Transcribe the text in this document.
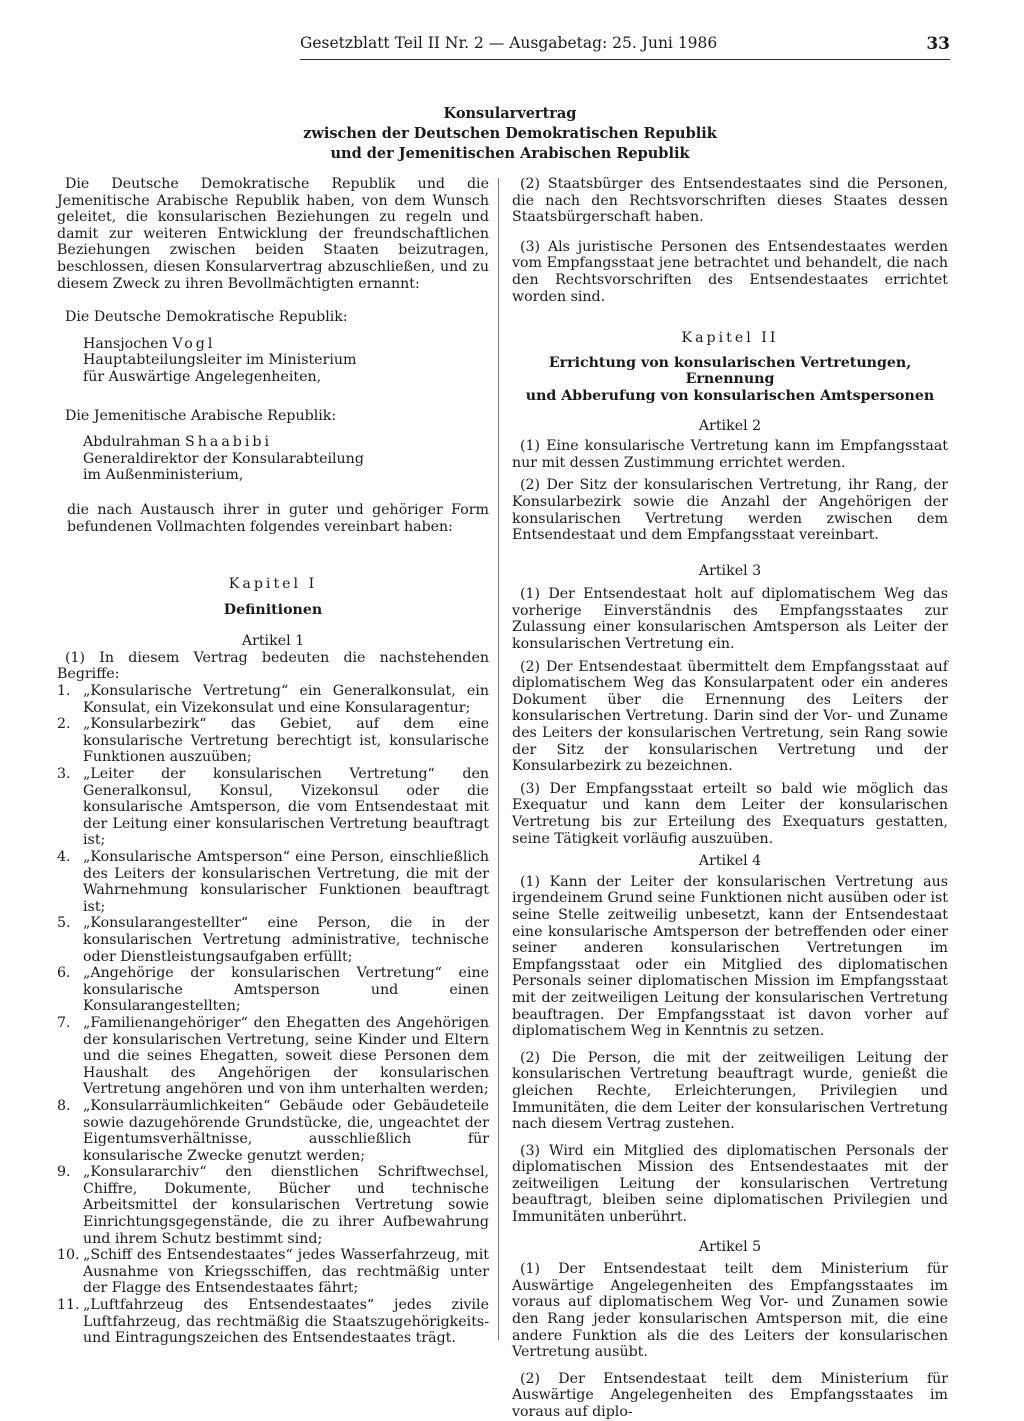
Gesetzblatt Teil II Nr. 2 — Ausgabetag: 25. Juni 1986	33
Konsularvertrag
zwischen der Deutschen Demokratischen Republik
und der Jemenitischen Arabischen Republik

Die Deutsche Demokratische Republik und die Jemenitische Arabische Republik haben, von dem Wunsch geleitet, die konsularischen Beziehungen zu regeln und damit zur weiteren Entwicklung der freundschaftlichen Beziehungen zwischen beiden Staaten beizutragen, beschlossen, diesen Konsularvertrag abzuschließen, und zu diesem Zweck zu ihren Bevollmächtigten ernannt:

Die Deutsche Demokratische Republik:
Hansjochen Vogl
Hauptabteilungsleiter im Ministerium
für Auswärtige Angelegenheiten,
Die Jemenitische Arabische Republik:
Abdulrahman Shaabibi
Generaldirektor der Konsularabteilung
im Außenministerium,

die nach Austausch ihrer in guter und gehöriger Form befundenen Vollmachten folgendes vereinbart haben:

Kapitel I
Definitionen
Artikel 1

(1) In diesem Vertrag bedeuten die nachstehenden Begriffe:

1. „Konsularische Vertretung“ ein Generalkonsulat, ein Konsulat, ein Vizekonsulat und eine Konsularagentur;
2. „Konsularbezirk“ das Gebiet, auf dem eine konsularische Vertretung berechtigt ist, konsularische Funktionen auszuüben;
3. „Leiter der konsularischen Vertretung“ den Generalkonsul, Konsul, Vizekonsul oder die konsularische Amtsperson, die vom Entsendestaat mit der Leitung einer konsularischen Vertretung beauftragt ist;
4. „Konsularische Amtsperson“ eine Person, einschließlich des Leiters der konsularischen Vertretung, die mit der Wahrnehmung konsularischer Funktionen beauftragt ist;
5. „Konsularangestellter“ eine Person, die in der konsularischen Vertretung administrative, technische oder Dienstleistungsaufgaben erfüllt;
6. „Angehörige der konsularischen Vertretung“ eine konsularische Amtsperson und einen Konsularangestellten;
7. „Familienangehöriger“ den Ehegatten des Angehörigen der konsularischen Vertretung, seine Kinder und Eltern und die seines Ehegatten, soweit diese Personen dem Haushalt des Angehörigen der konsularischen Vertretung angehören und von ihm unterhalten werden;
8. „Konsularräumlichkeiten“ Gebäude oder Gebäudeteile sowie dazugehörende Grundstücke, die, ungeachtet der Eigentumsverhältnisse, ausschließlich für konsularische Zwecke genutzt werden;
9. „Konsulararchiv“ den dienstlichen Schriftwechsel, Chiffre, Dokumente, Bücher und technische Arbeitsmittel der konsularischen Vertretung sowie Einrichtungsgegenstände, die zu ihrer Aufbewahrung und ihrem Schutz bestimmt sind;
10. „Schiff des Entsendestaates“ jedes Wasserfahrzeug, mit Ausnahme von Kriegsschiffen, das rechtmäßig unter der Flagge des Entsendestaates fährt;
11. „Luftfahrzeug des Entsendestaates“ jedes zivile Luftfahrzeug, das rechtmäßig die Staatszugehörigkeits- und Eintragungszeichen des Entsendestaates trägt.

(2) Staatsbürger des Entsendestaates sind die Personen, die nach den Rechtsvorschriften dieses Staates dessen Staatsbürgerschaft haben.

(3) Als juristische Personen des Entsendestaates werden vom Empfangsstaat jene betrachtet und behandelt, die nach den Rechtsvorschriften des Entsendestaates errichtet worden sind.

Kapitel II
Errichtung von konsularischen Vertretungen, Ernennung
und Abberufung von konsularischen Amtspersonen
Artikel 2

(1) Eine konsularische Vertretung kann im Empfangsstaat nur mit dessen Zustimmung errichtet werden.

(2) Der Sitz der konsularischen Vertretung, ihr Rang, der Konsularbezirk sowie die Anzahl der Angehörigen der konsularischen Vertretung werden zwischen dem Entsendestaat und dem Empfangsstaat vereinbart.

Artikel 3

(1) Der Entsendestaat holt auf diplomatischem Weg das vorherige Einverständnis des Empfangsstaates zur Zulassung einer konsularischen Amtsperson als Leiter der konsularischen Vertretung ein.

(2) Der Entsendestaat übermittelt dem Empfangsstaat auf diplomatischem Weg das Konsularpatent oder ein anderes Dokument über die Ernennung des Leiters der konsularischen Vertretung. Darin sind der Vor- und Zuname des Leiters der konsularischen Vertretung, sein Rang sowie der Sitz der konsularischen Vertretung und der Konsularbezirk zu bezeichnen.

(3) Der Empfangsstaat erteilt so bald wie möglich das Exequatur und kann dem Leiter der konsularischen Vertretung bis zur Erteilung des Exequaturs gestatten, seine Tätigkeit vorläufig auszuüben.

Artikel 4

(1) Kann der Leiter der konsularischen Vertretung aus irgendeinem Grund seine Funktionen nicht ausüben oder ist seine Stelle zeitweilig unbesetzt, kann der Entsendestaat eine konsularische Amtsperson der betreffenden oder einer seiner anderen konsularischen Vertretungen im Empfangsstaat oder ein Mitglied des diplomatischen Personals seiner diplomatischen Mission im Empfangsstaat mit der zeitweiligen Leitung der konsularischen Vertretung beauftragen. Der Empfangsstaat ist davon vorher auf diplomatischem Weg in Kenntnis zu setzen.

(2) Die Person, die mit der zeitweiligen Leitung der konsularischen Vertretung beauftragt wurde, genießt die gleichen Rechte, Erleichterungen, Privilegien und Immunitäten, die dem Leiter der konsularischen Vertretung nach diesem Vertrag zustehen.

(3) Wird ein Mitglied des diplomatischen Personals der diplomatischen Mission des Entsendestaates mit der zeitweiligen Leitung der konsularischen Vertretung beauftragt, bleiben seine diplomatischen Privilegien und Immunitäten unberührt.

Artikel 5

(1) Der Entsendestaat teilt dem Ministerium für Auswärtige Angelegenheiten des Empfangsstaates im voraus auf diplomatischem Weg Vor- und Zunamen sowie den Rang jeder konsularischen Amtsperson mit, die eine andere Funktion als die des Leiters der konsularischen Vertretung ausübt.

(2) Der Entsendestaat teilt dem Ministerium für Auswärtige Angelegenheiten des Empfangsstaates im voraus auf diplo-
